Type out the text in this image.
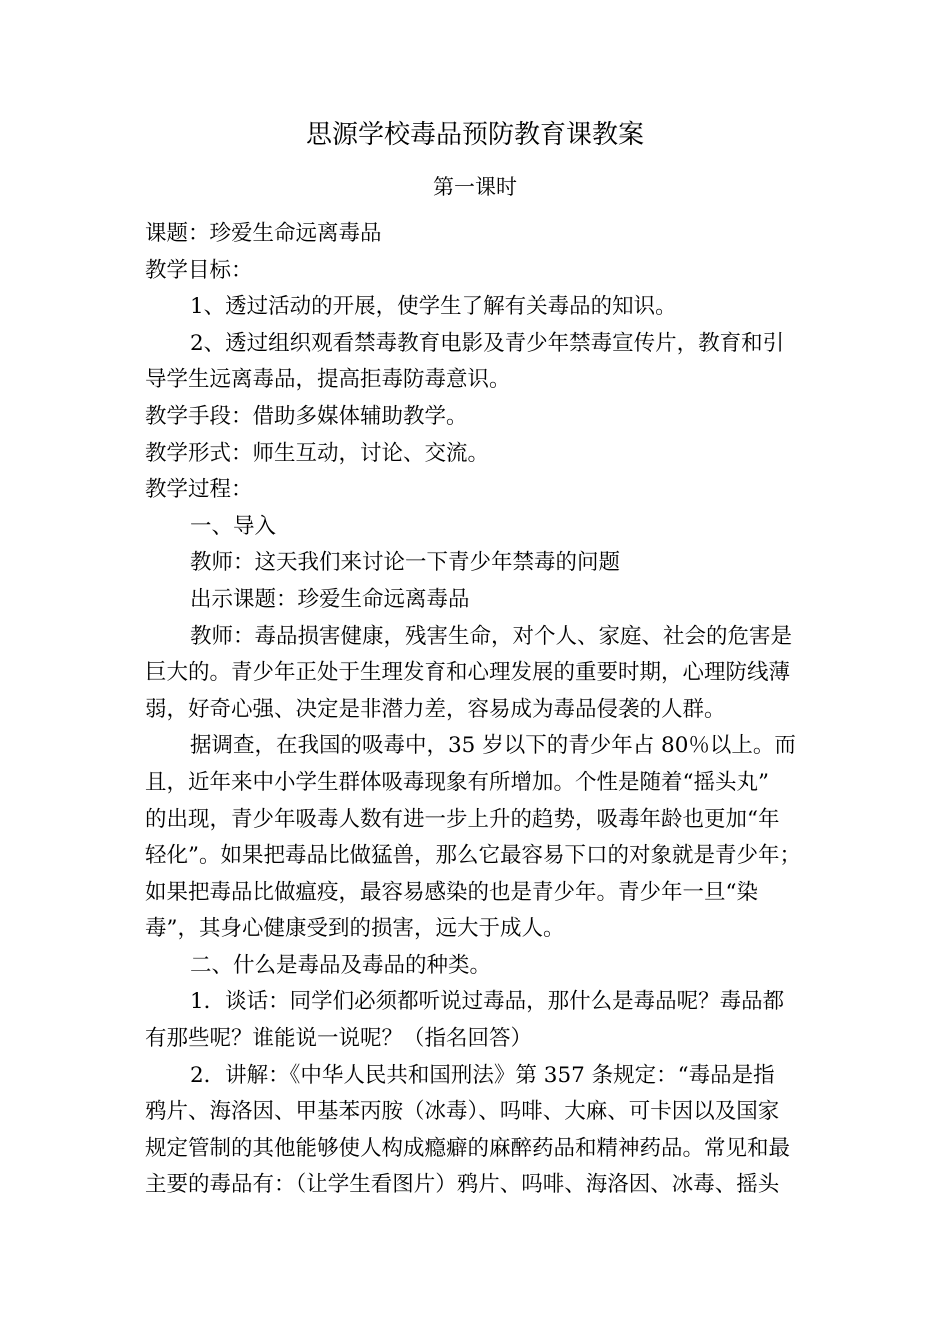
思源学校毒品预防教育课教案
第一课时
课题：珍爱生命远离毒品
教学目标：
1、透过活动的开展，使学生了解有关毒品的知识。
2、透过组织观看禁毒教育电影及青少年禁毒宣传片，教育和引
导学生远离毒品，提高拒毒防毒意识。
教学手段：借助多媒体辅助教学。
教学形式：师生互动，讨论、交流。
教学过程：
一、导入
教师：这天我们来讨论一下青少年禁毒的问题
出示课题：珍爱生命远离毒品
教师：毒品损害健康，残害生命，对个人、家庭、社会的危害是
巨大的。青少年正处于生理发育和心理发展的重要时期，心理防线薄
弱，好奇心强、决定是非潜力差，容易成为毒品侵袭的人群。
据调查，在我国的吸毒中，35 岁以下的青少年占 80％以上。而
且，近年来中小学生群体吸毒现象有所增加。个性是随着“摇头丸”
的出现，青少年吸毒人数有进一步上升的趋势，吸毒年龄也更加“年
轻化”。如果把毒品比做猛兽，那么它最容易下口的对象就是青少年；
如果把毒品比做瘟疫，最容易感染的也是青少年。青少年一旦“染
毒”，其身心健康受到的损害，远大于成人。
二、什么是毒品及毒品的种类。
1．谈话：同学们必须都听说过毒品，那什么是毒品呢？毒品都
有那些呢？谁能说一说呢？（指名回答）
2．讲解：《中华人民共和国刑法》第 357 条规定：“毒品是指
鸦片、海洛因、甲基苯丙胺（冰毒）、吗啡、大麻、可卡因以及国家
规定管制的其他能够使人构成瘾癖的麻醉药品和精神药品。常见和最
主要的毒品有：（让学生看图片）鸦片、吗啡、海洛因、冰毒、摇头
